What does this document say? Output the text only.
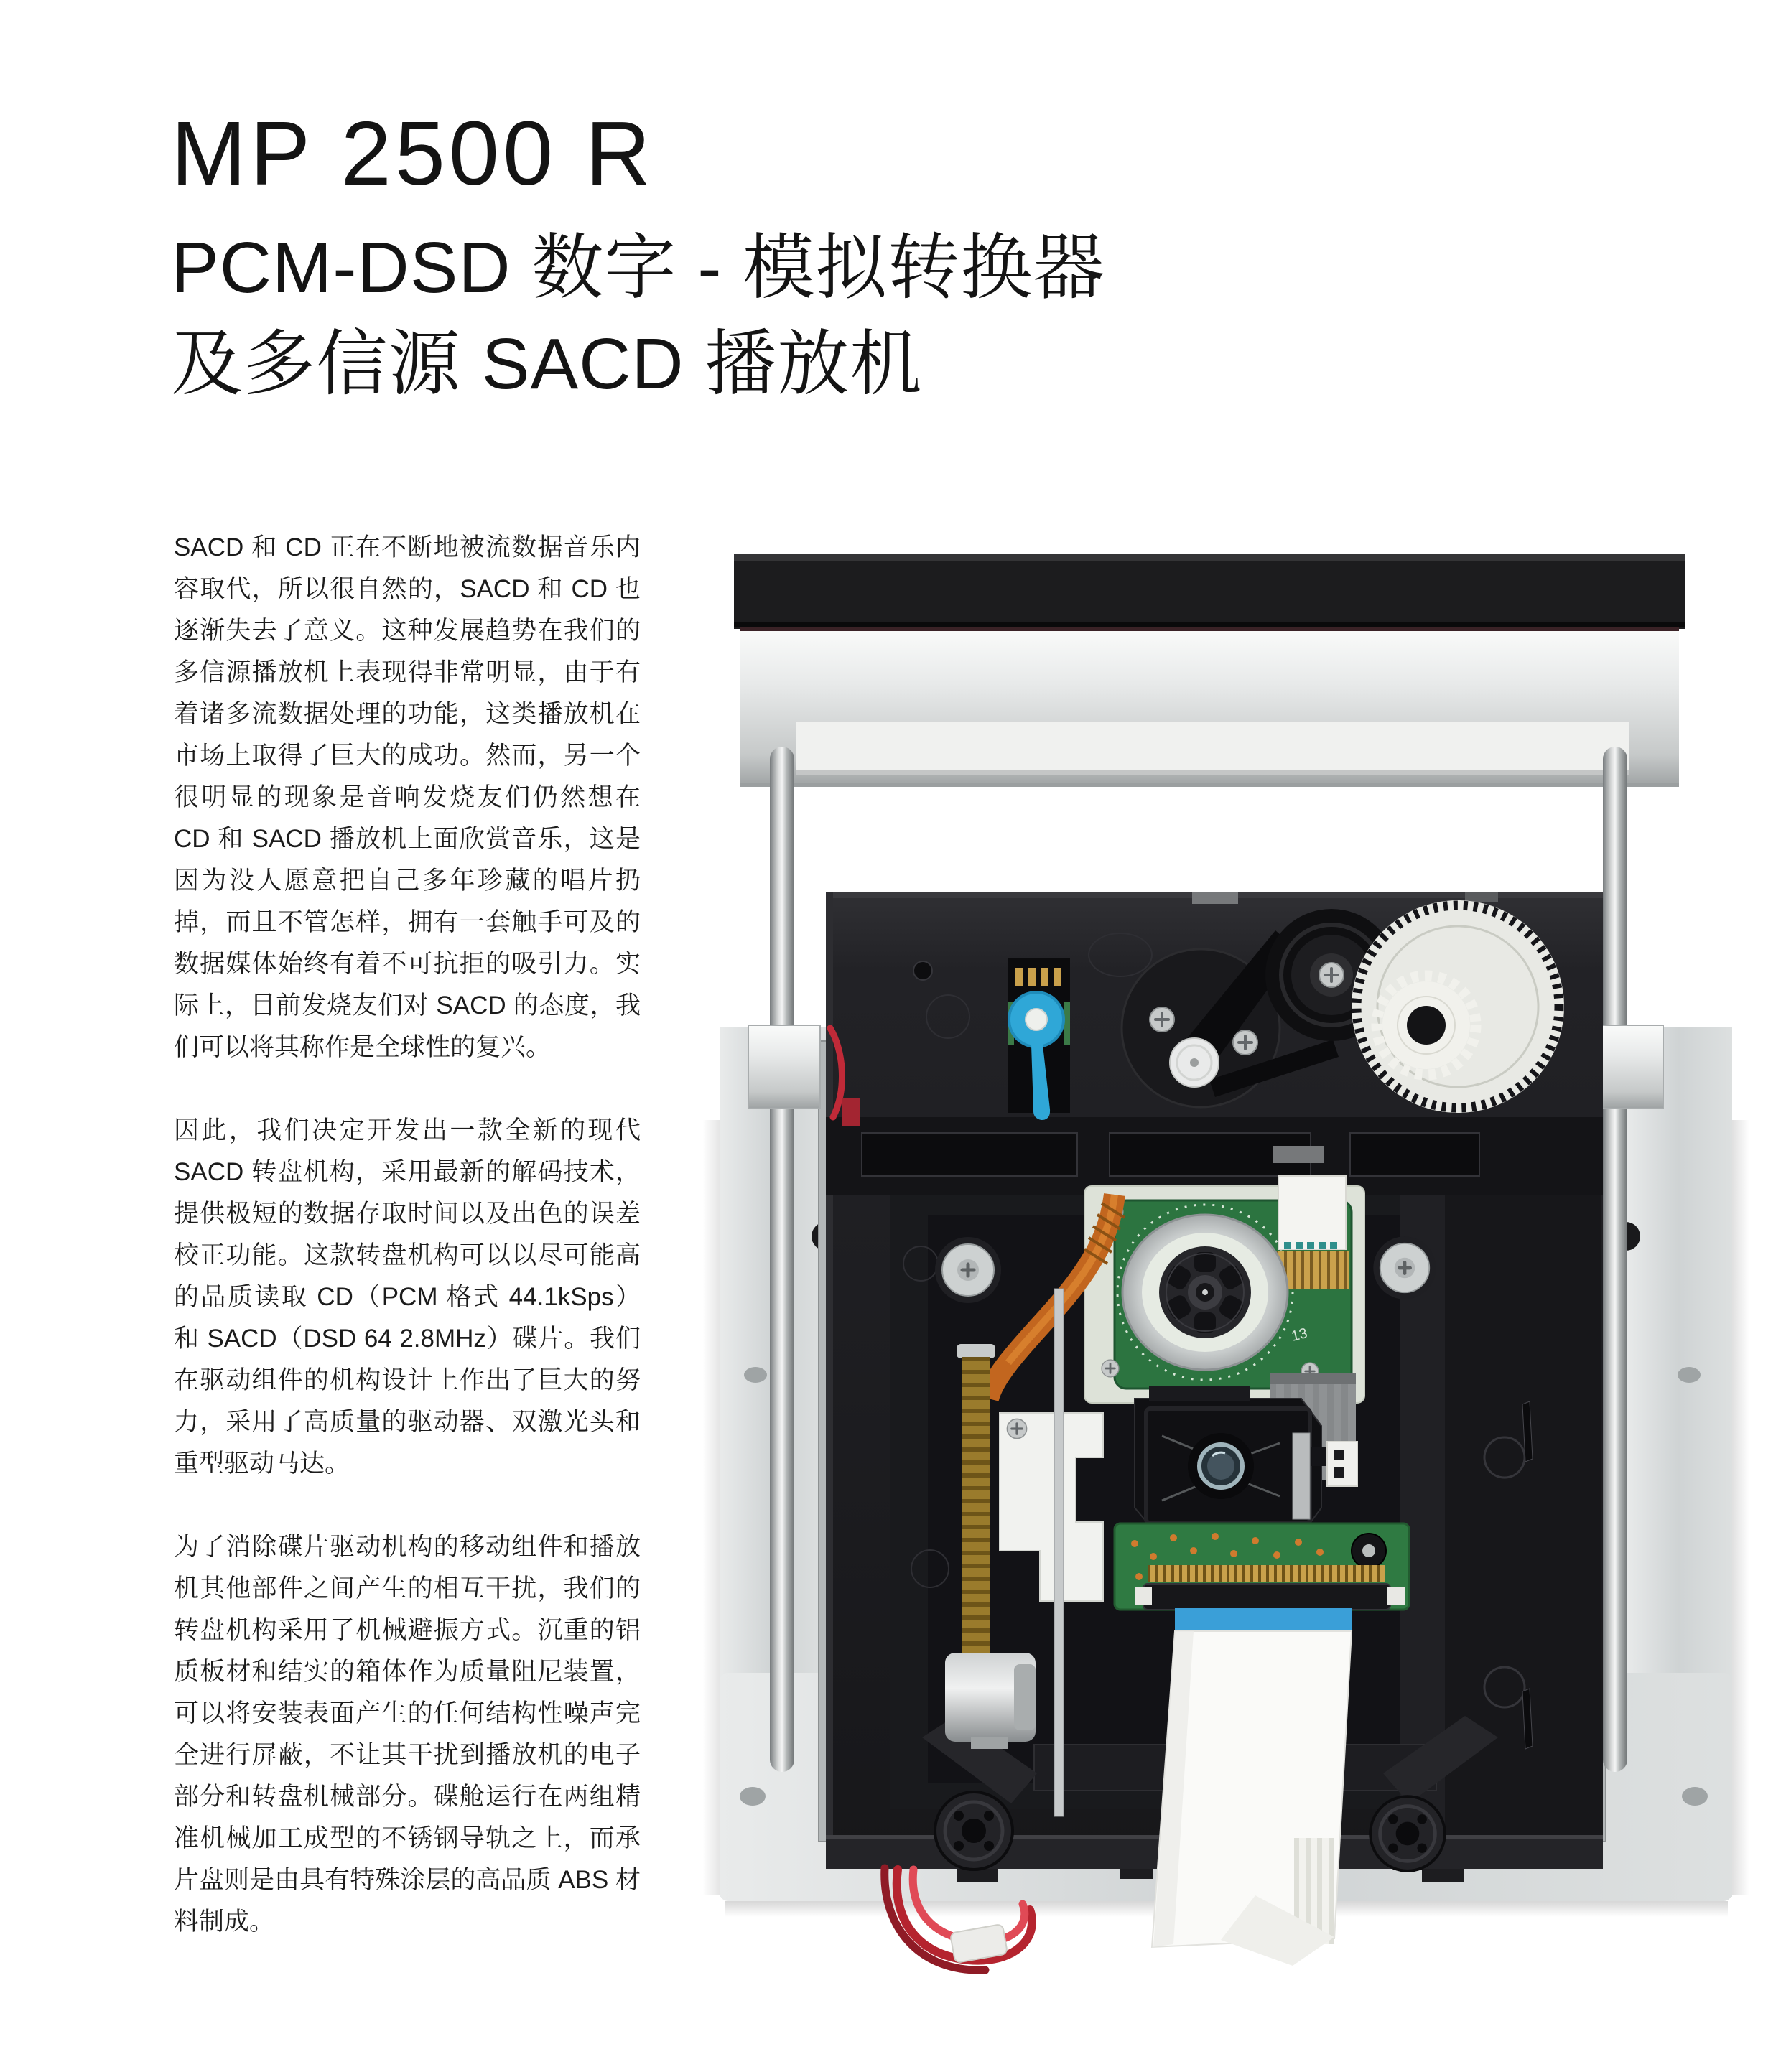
MP 2500 R
PCM-DSD 数字 - 模拟转换器
及多信源 SACD 播放机

SACD 和 CD 正在不断地被流数据音乐内容取代，所以很自然的，SACD 和 CD 也逐渐失去了意义。这种发展趋势在我们的多信源播放机上表现得非常明显，由于有着诸多流数据处理的功能，这类播放机在市场上取得了巨大的成功。然而，另一个很明显的现象是音响发烧友们仍然想在 CD 和 SACD 播放机上面欣赏音乐，这是因为没人愿意把自己多年珍藏的唱片扔掉，而且不管怎样，拥有一套触手可及的数据媒体始终有着不可抗拒的吸引力。实际上，目前发烧友们对 SACD 的态度，我们可以将其称作是全球性的复兴。

因此，我们决定开发出一款全新的现代 SACD 转盘机构，采用最新的解码技术，提供极短的数据存取时间以及出色的误差校正功能。这款转盘机构可以以尽可能高的品质读取 CD（PCM 格式 44.1kSps）和 SACD（DSD 64 2.8MHz）碟片。我们在驱动组件的机构设计上作出了巨大的努力，采用了高质量的驱动器、双激光头和重型驱动马达。

为了消除碟片驱动机构的移动组件和播放机其他部件之间产生的相互干扰，我们的转盘机构采用了机械避振方式。沉重的铝质板材和结实的箱体作为质量阻尼装置，可以将安装表面产生的任何结构性噪声完全进行屏蔽，不让其干扰到播放机的电子部分和转盘机械部分。碟舱运行在两组精准机械加工成型的不锈钢导轨之上，而承片盘则是由具有特殊涂层的高品质 ABS 材料制成。

13
